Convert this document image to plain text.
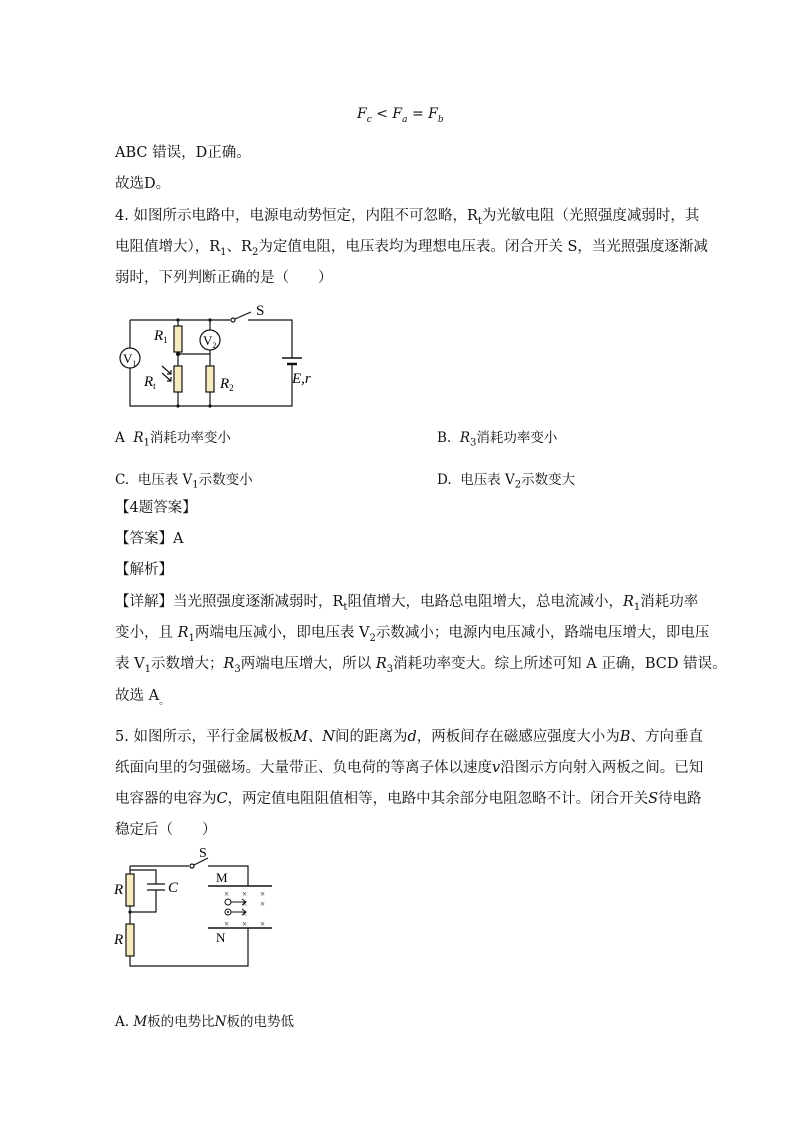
$F_c < F_a = F_b$
ABC 错误，D正确。
故选D。
4. 如图所示电路中，电源电动势恒定，内阻不可忽略，$R_t$为光敏电阻（光照强度减弱时，其
电阻值增大），$R_1$、$R_2$为定值电阻，电压表均为理想电压表。闭合开关 S，当光照强度逐渐减
弱时，下列判断正确的是（　　）
S
$R_1$
$R_t$	$R_2$
$V_2$
$V_1$
E,r
A $R_1$消耗功率变小	B. $R_3$消耗功率变小
C. 电压表 $V_1$示数变小	D. 电压表 $V_2$示数变大
【4题答案】
【答案】A
【解析】
【详解】当光照强度逐渐减弱时，$R_t$阻值增大，电路总电阻增大，总电流减小，$R_1$消耗功率
变小，且 $R_1$两端电压减小，即电压表 $V_2$示数减小；电源内电压减小，路端电压增大，即电压
表 $V_1$示数增大；$R_3$两端电压增大，所以 $R_3$消耗功率变大。综上所述可知 A 正确，BCD 错误。
故选 $A_。$
5. 如图所示，平行金属极板M、N间的距离为d，两板间存在磁感应强度大小为B、方向垂直
纸面向里的匀强磁场。大量带正、负电荷的等离子体以速度v沿图示方向射入两板之间。已知
电容器的电容为C，两定值电阻阻值相等，电路中其余部分电阻忽略不计。闭合开关S待电路
稳定后（　　）
× × ×
× ×
×
× × ×
S
C
R
R
M
N
A. M板的电势比N板的电势低
